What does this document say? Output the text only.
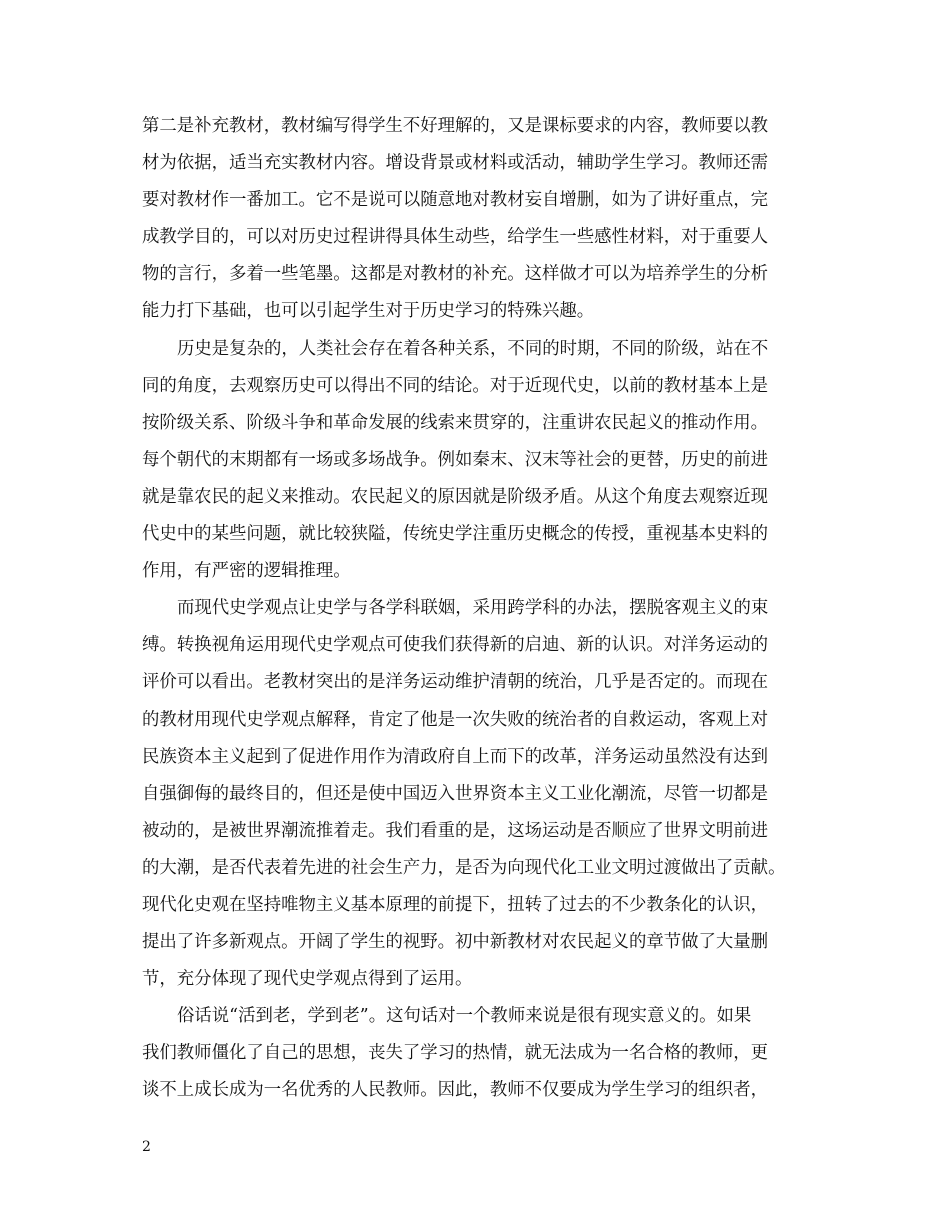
第二是补充教材，教材编写得学生不好理解的，又是课标要求的内容，教师要以教
材为依据，适当充实教材内容。增设背景或材料或活动，辅助学生学习。教师还需
要对教材作一番加工。它不是说可以随意地对教材妄自增删，如为了讲好重点，完
成教学目的，可以对历史过程讲得具体生动些，给学生一些感性材料，对于重要人
物的言行，多着一些笔墨。这都是对教材的补充。这样做才可以为培养学生的分析
能力打下基础，也可以引起学生对于历史学习的特殊兴趣。
历史是复杂的，人类社会存在着各种关系，不同的时期，不同的阶级，站在不
同的角度，去观察历史可以得出不同的结论。对于近现代史，以前的教材基本上是
按阶级关系、阶级斗争和革命发展的线索来贯穿的，注重讲农民起义的推动作用。
每个朝代的末期都有一场或多场战争。例如秦末、汉末等社会的更替，历史的前进
就是靠农民的起义来推动。农民起义的原因就是阶级矛盾。从这个角度去观察近现
代史中的某些问题，就比较狭隘，传统史学注重历史概念的传授，重视基本史料的
作用，有严密的逻辑推理。
而现代史学观点让史学与各学科联姻，采用跨学科的办法，摆脱客观主义的束
缚。转换视角运用现代史学观点可使我们获得新的启迪、新的认识。对洋务运动的
评价可以看出。老教材突出的是洋务运动维护清朝的统治，几乎是否定的。而现在
的教材用现代史学观点解释，肯定了他是一次失败的统治者的自救运动，客观上对
民族资本主义起到了促进作用作为清政府自上而下的改革，洋务运动虽然没有达到
自强御侮的最终目的，但还是使中国迈入世界资本主义工业化潮流，尽管一切都是
被动的，是被世界潮流推着走。我们看重的是，这场运动是否顺应了世界文明前进
的大潮，是否代表着先进的社会生产力，是否为向现代化工业文明过渡做出了贡献。
现代化史观在坚持唯物主义基本原理的前提下，扭转了过去的不少教条化的认识，
提出了许多新观点。开阔了学生的视野。初中新教材对农民起义的章节做了大量删
节，充分体现了现代史学观点得到了运用。
俗话说“活到老，学到老”。这句话对一个教师来说是很有现实意义的。如果
我们教师僵化了自己的思想，丧失了学习的热情，就无法成为一名合格的教师，更
谈不上成长成为一名优秀的人民教师。因此，教师不仅要成为学生学习的组织者，
2
